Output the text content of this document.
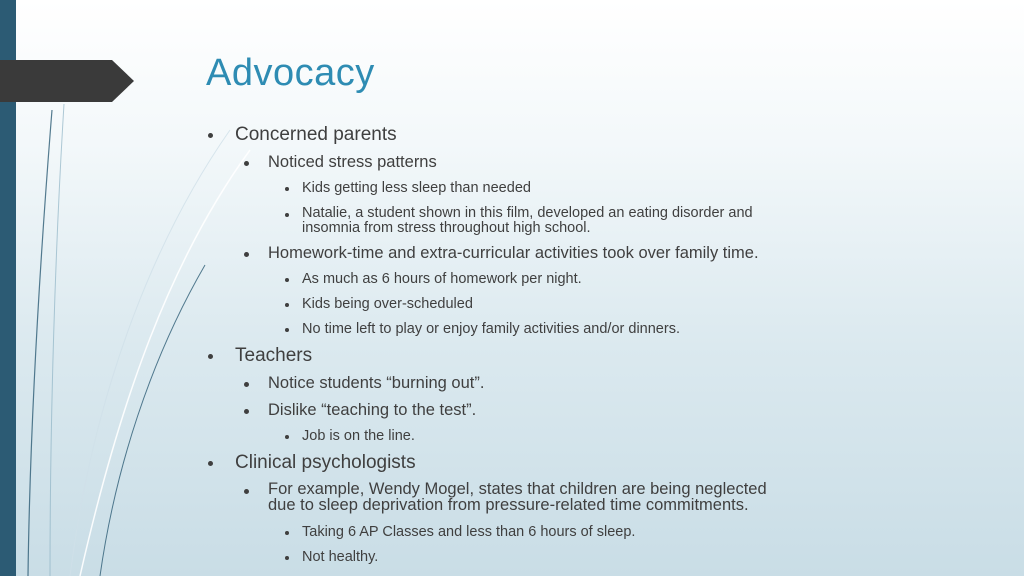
Advocacy
Concerned parents
Noticed stress patterns
Kids getting less sleep than needed
Natalie, a student shown in this film, developed an eating disorder and
insomnia from stress throughout high school.
Homework-time and extra-curricular activities took over family time.
As much as 6 hours of homework per night.
Kids being over-scheduled
No time left to play or enjoy family activities and/or dinners.
Teachers
Notice students “burning out”.
Dislike “teaching to the test”.
Job is on the line.
Clinical psychologists
For example, Wendy Mogel, states that children are being neglected
due to sleep deprivation from pressure-related time commitments.
Taking 6 AP Classes and less than 6 hours of sleep.
Not healthy.
